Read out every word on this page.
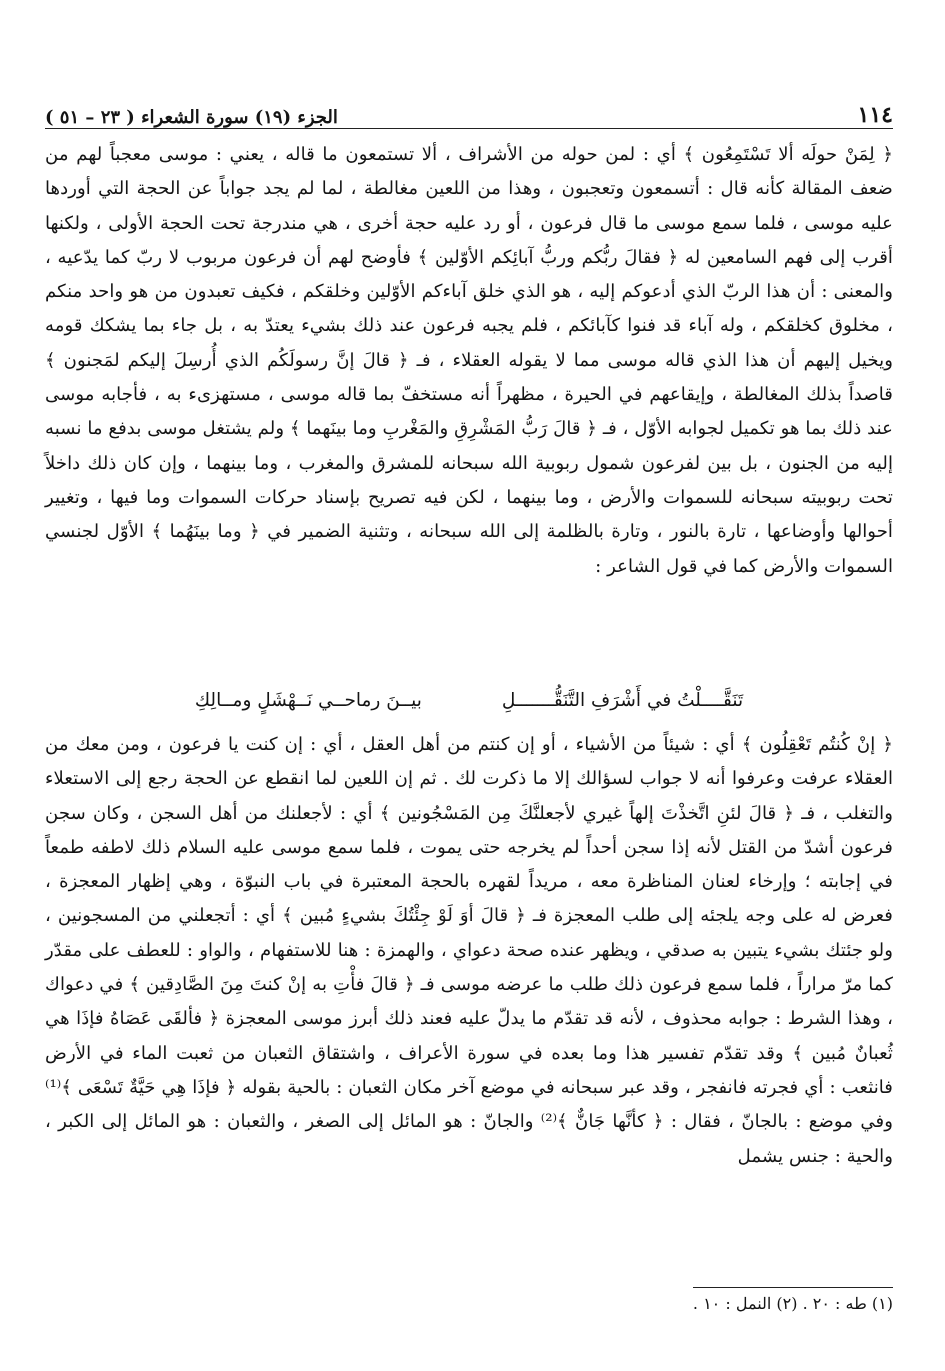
١١٤
الجزء (١٩) سورة الشعراء ( ٢٣ – ٥١ )

﴿ لِمَنْ حولَه ألا تَسْتَمِعُون ﴾ أي : لمن حوله من الأشراف ، ألا تستمعون ما قاله ، يعني : موسى معجباً لهم من ضعف المقالة كأنه قال : أتسمعون وتعجبون ، وهذا من اللعين مغالطة ، لما لم يجد جواباً عن الحجة التي أوردها عليه موسى ، فلما سمع موسى ما قال فرعون ، أو رد عليه حجة أخرى ، هي مندرجة تحت الحجة الأولى ، ولكنها أقرب إلى فهم السامعين له ﴿ فقالَ ربُّكم وربُّ آبائِكم الأوّلين ﴾ فأوضح لهم أن فرعون مربوب لا ربّ كما يدّعيه ، والمعنى : أن هذا الربّ الذي أدعوكم إليه ، هو الذي خلق آباءكم الأوّلين وخلقكم ، فكيف تعبدون من هو واحد منكم ، مخلوق كخلقكم ، وله آباء قد فنوا كآبائكم ، فلم يجبه فرعون عند ذلك بشيء يعتدّ به ، بل جاء بما يشكك قومه ويخيل إليهم أن هذا الذي قاله موسى مما لا يقوله العقلاء ، فـ ﴿ قالَ إنَّ رسولَكُم الذي أُرسِلَ إليكم لمَجنون ﴾ قاصداً بذلك المغالطة ، وإيقاعهم في الحيرة ، مظهراً أنه مستخفّ بما قاله موسى ، مستهزىء به ، فأجابه موسى عند ذلك بما هو تكميل لجوابه الأوّل ، فـ ﴿ قالَ رَبُّ المَشْرِقِ والمَغْربِ وما بينَهما ﴾ ولم يشتغل موسى بدفع ما نسبه إليه من الجنون ، بل بين لفرعون شمول ربوبية الله سبحانه للمشرق والمغرب ، وما بينهما ، وإن كان ذلك داخلاً تحت ربوبيته سبحانه للسموات والأرض ، وما بينهما ، لكن فيه تصريح بإسناد حركات السموات وما فيها ، وتغيير أحوالها وأوضاعها ، تارة بالنور ، وتارة بالظلمة إلى الله سبحانه ، وتثنية الضمير في ﴿ وما بينَهُما ﴾ الأوّل لجنسي السموات والأرض كما في قول الشاعر :

تَنَقَّــــلْتُ في أَشْرَفِ التَّنَقُّـــــــلِ
بيــنَ رماحــي نَــهْشَلٍ ومــالِكِ

﴿ إنْ كُنتُم تَعْقِلُون ﴾ أي : شيئاً من الأشياء ، أو إن كنتم من أهل العقل ، أي : إن كنت يا فرعون ، ومن معك من العقلاء عرفت وعرفوا أنه لا جواب لسؤالك إلا ما ذكرت لك . ثم إن اللعين لما انقطع عن الحجة رجع إلى الاستعلاء والتغلب ، فـ ﴿ قالَ لئنِ اتَّخذْتَ إلهاً غيري لأجعلنَّكَ مِن المَسْجُونين ﴾ أي : لأجعلنك من أهل السجن ، وكان سجن فرعون أشدّ من القتل لأنه إذا سجن أحداً لم يخرجه حتى يموت ، فلما سمع موسى عليه السلام ذلك لاطفه طمعاً في إجابته ؛ وإرخاء لعنان المناظرة معه ، مريداً لقهره بالحجة المعتبرة في باب النبوّة ، وهي إظهار المعجزة ، فعرض له على وجه يلجئه إلى طلب المعجزة فـ ﴿ قالَ أوَ لَوْ جِئْتُكَ بشيءٍ مُبين ﴾ أي : أتجعلني من المسجونين ، ولو جئتك بشيء يتبين به صدقي ، ويظهر عنده صحة دعواي ، والهمزة : هنا للاستفهام ، والواو : للعطف على مقدّر كما مرّ مراراً ، فلما سمع فرعون ذلك طلب ما عرضه موسى فـ ﴿ قالَ فأْتِ به إنْ كنتَ مِنَ الصَّادِقين ﴾ في دعواك ، وهذا الشرط : جوابه محذوف ، لأنه قد تقدّم ما يدلّ عليه فعند ذلك أبرز موسى المعجزة ﴿ فألقَى عَصَاهُ فإذَا هي ثُعبانٌ مُبين ﴾ وقد تقدّم تفسير هذا وما بعده في سورة الأعراف ، واشتقاق الثعبان من ثعبت الماء في الأرض فانثعب : أي فجرته فانفجر ، وقد عبر سبحانه في موضع آخر مكان الثعبان : بالحية بقوله ﴿ فإذَا هِي حَيَّةٌ تَسْعَى ﴾⁽¹⁾ وفي موضع : بالجانّ ، فقال : ﴿ كأنَّها جَانٌّ ﴾⁽²⁾ والجانّ : هو المائل إلى الصغر ، والثعبان : هو المائل إلى الكبر ، والحية : جنس يشمل

(١) طه : ٢٠ . (٢) النمل : ١٠ .
